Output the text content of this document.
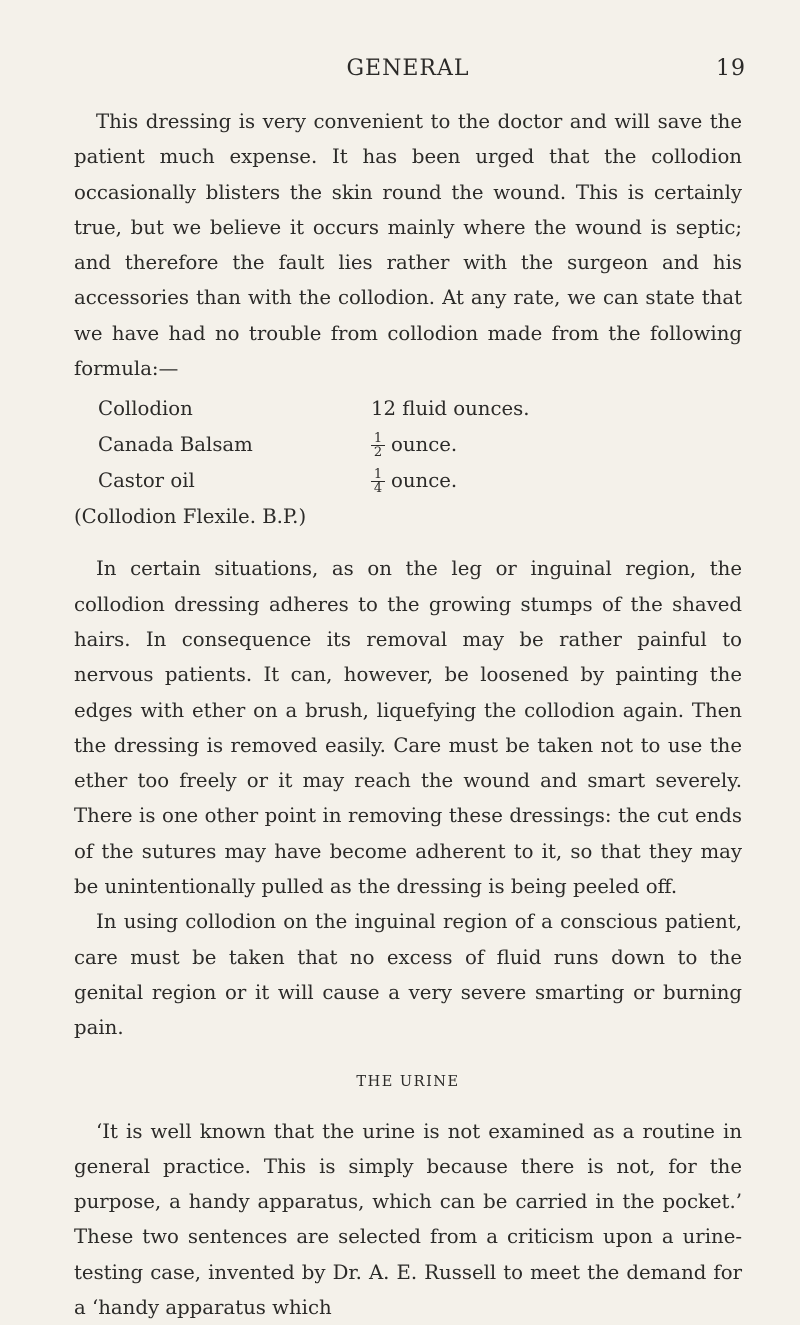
GENERAL	19

This dressing is very convenient to the doctor and will save the patient much expense. It has been urged that the collodion occasionally blisters the skin round the wound. This is certainly true, but we believe it occurs mainly where the wound is septic; and therefore the fault lies rather with the surgeon and his accessories than with the collodion. At any rate, we can state that we have had no trouble from collodion made from the following formula:—

Collodion	12 fluid ounces.
Canada Balsam	$\frac{1}{2}$ ounce.
Castor oil	$\frac{1}{4}$ ounce.
(Collodion Flexile. B.P.)

In certain situations, as on the leg or inguinal region, the collodion dressing adheres to the growing stumps of the shaved hairs. In consequence its removal may be rather painful to nervous patients. It can, however, be loosened by painting the edges with ether on a brush, liquefying the collodion again. Then the dressing is removed easily. Care must be taken not to use the ether too freely or it may reach the wound and smart severely. There is one other point in removing these dressings: the cut ends of the sutures may have become adherent to it, so that they may be unintentionally pulled as the dressing is being peeled off.

In using collodion on the inguinal region of a conscious patient, care must be taken that no excess of fluid runs down to the genital region or it will cause a very severe smarting or burning pain.

THE URINE

‘It is well known that the urine is not examined as a routine in general practice. This is simply because there is not, for the purpose, a handy apparatus, which can be carried in the pocket.’ These two sentences are selected from a criticism upon a urine-testing case, invented by Dr. A. E. Russell to meet the demand for a ‘handy apparatus which
